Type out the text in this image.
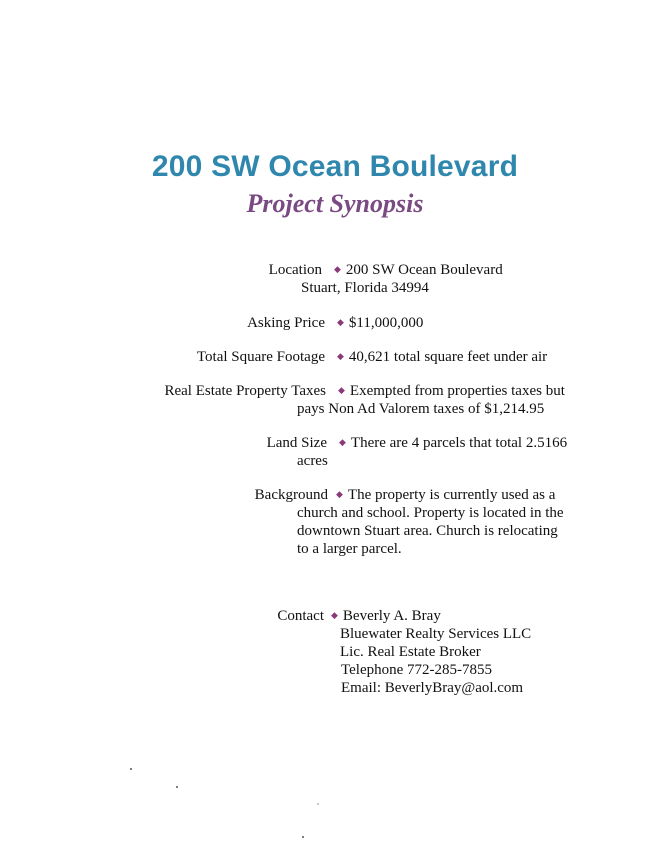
200 SW Ocean Boulevard
Project Synopsis
Location ◆ 200 SW Ocean Boulevard
Stuart, Florida 34994
Asking Price ◆ $11,000,000
Total Square Footage ◆ 40,621 total square feet under air
Real Estate Property Taxes ◆ Exempted from properties taxes but
pays Non Ad Valorem taxes of $1,214.95
Land Size ◆ There are 4 parcels that total 2.5166
acres
Background ◆ The property is currently used as a
church and school. Property is located in the
downtown Stuart area. Church is relocating
to a larger parcel.
Contact ◆ Beverly A. Bray
Bluewater Realty Services LLC
Lic. Real Estate Broker
Telephone 772-285-7855
Email: BeverlyBray@aol.com
